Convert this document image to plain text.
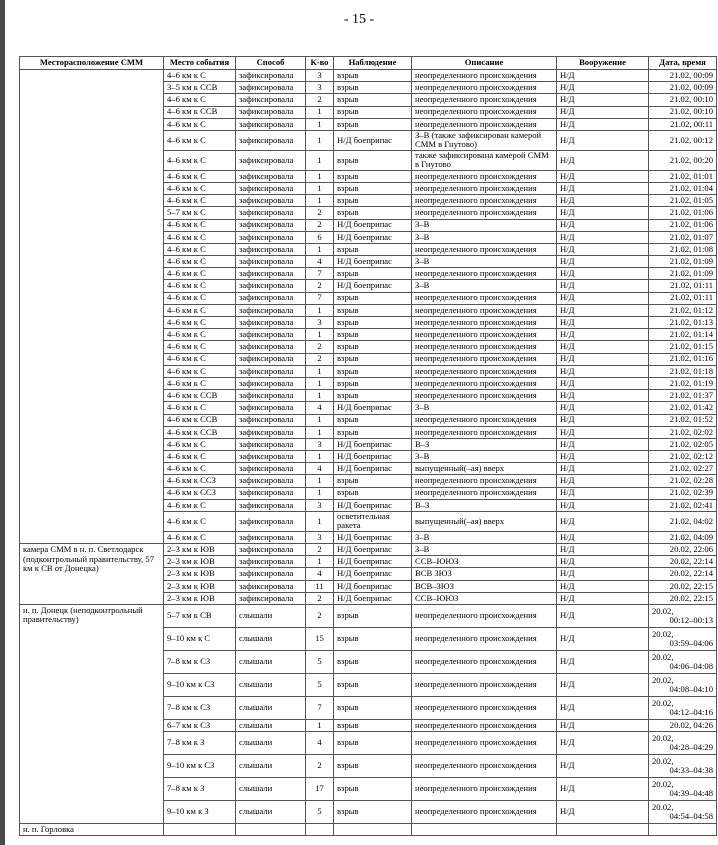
- 15 -
Месторасположение СММ	Место события	Способ	К-во	Наблюдение	Описание	Вооружение	Дата, время
	4–6 км к С	зафиксировала	3	взрыв	неопределенного происхождения	Н/Д	21.02, 00:09
	3–5 км к ССВ	зафиксировала	3	взрыв	неопределенного происхождения	Н/Д	21.02, 00:09
	4–6 км к С	зафиксировала	2	взрыв	неопределенного происхождения	Н/Д	21.02, 00:10
	4–6 км к ССВ	зафиксировала	1	взрыв	неопределенного происхождения	Н/Д	21.02, 00:10
	4–6 км к С	зафиксировала	1	взрыв	неопределенного происхождения	Н/Д	21.02, 00:11
	4–6 км к С	зафиксировала	1	Н/Д боеприпас	З–В (также зафиксирован камерой СММ в Гнутово)	Н/Д	21.02, 00:12
	4–6 км к С	зафиксировала	1	взрыв	также зафиксирована камерой СММ в Гнутово	Н/Д	21.02, 00:20
	4–6 км к С	зафиксировала	1	взрыв	неопределенного происхождения	Н/Д	21.02, 01:01
	4–6 км к С	зафиксировала	1	взрыв	неопределенного происхождения	Н/Д	21.02, 01:04
	4–6 км к С	зафиксировала	1	взрыв	неопределенного происхождения	Н/Д	21.02, 01:05
	5–7 км к С	зафиксировала	2	взрыв	неопределенного происхождения	Н/Д	21.02, 01:06
	4–6 км к С	зафиксировала	2	Н/Д боеприпас	З–В	Н/Д	21.02, 01:06
	4–6 км к С	зафиксировала	6	Н/Д боеприпас	З–В	Н/Д	21.02, 01:07
	4–6 км к С	зафиксировала	1	взрыв	неопределенного происхождения	Н/Д	21.02, 01:08
	4–6 км к С	зафиксировала	4	Н/Д боеприпас	З–В	Н/Д	21.02, 01:09
	4–6 км к С	зафиксировала	7	взрыв	неопределенного происхождения	Н/Д	21.02, 01:09
	4–6 км к С	зафиксировала	2	Н/Д боеприпас	З–В	Н/Д	21.02, 01:11
	4–6 км к С	зафиксировала	7	взрыв	неопределенного происхождения	Н/Д	21.02, 01:11
	4–6 км к С	зафиксировала	1	взрыв	неопределенного происхождения	Н/Д	21.02, 01:12
	4–6 км к С	зафиксировала	3	взрыв	неопределенного происхождения	Н/Д	21.02, 01:13
	4–6 км к С	зафиксировала	1	взрыв	неопределенного происхождения	Н/Д	21.02, 01:14
	4–6 км к С	зафиксировала	2	взрыв	неопределенного происхождения	Н/Д	21.02, 01:15
	4–6 км к С	зафиксировала	2	взрыв	неопределенного происхождения	Н/Д	21.02, 01:16
	4–6 км к С	зафиксировала	1	взрыв	неопределенного происхождения	Н/Д	21.02, 01:18
	4–6 км к С	зафиксировала	1	взрыв	неопределенного происхождения	Н/Д	21.02, 01:19
	4–6 км к ССВ	зафиксировала	1	взрыв	неопределенного происхождения	Н/Д	21.02, 01:37
	4–6 км к С	зафиксировала	4	Н/Д боеприпас	З–В	Н/Д	21.02, 01:42
	4–6 км к ССВ	зафиксировала	1	взрыв	неопределенного происхождения	Н/Д	21.02, 01:52
	4–6 км к ССВ	зафиксировала	1	взрыв	неопределенного происхождения	Н/Д	21.02, 02:02
	4–6 км к С	зафиксировала	3	Н/Д боеприпас	В–З	Н/Д	21.02, 02:05
	4–6 км к С	зафиксировала	1	Н/Д боеприпас	З–В	Н/Д	21.02, 02:12
	4–6 км к С	зафиксировала	4	Н/Д боеприпас	выпущенный(–ая) вверх	Н/Д	21.02, 02:27
	4–6 км к ССЗ	зафиксировала	1	взрыв	неопределенного происхождения	Н/Д	21.02, 02:28
	4–6 км к ССЗ	зафиксировала	1	взрыв	неопределенного происхождения	Н/Д	21.02, 02:39
	4–6 км к С	зафиксировала	3	Н/Д боеприпас	В–З	Н/Д	21.02, 02:41
	4–6 км к С	зафиксировала	1	осветительная ракета	выпущенный(–ая) вверх	Н/Д	21.02, 04:02
	4–6 км к С	зафиксировала	3	Н/Д боеприпас	З–В	Н/Д	21.02, 04:09
камера СММ в н. п. Светлодарск (подконтрольный правительству, 57 км к СВ от Донецка)	2–3 км к ЮВ	зафиксировала	2	Н/Д боеприпас	З–В	Н/Д	20.02, 22:06
	2–3 км к ЮВ	зафиксировала	1	Н/Д боеприпас	ССВ–ЮЮЗ	Н/Д	20.02, 22:14
	2–3 км к ЮВ	зафиксировала	4	Н/Д боеприпас	ВСВ ЗЮЗ	Н/Д	20.02, 22:14
	2–3 км к ЮВ	зафиксировала	11	Н/Д боеприпас	ВСВ–ЗЮЗ	Н/Д	20.02, 22:15
	2–3 км к ЮВ	зафиксировала	2	Н/Д боеприпас	ССВ–ЮЮЗ	Н/Д	20.02, 22:15
н. п. Донецк (неподконтрольный правительству)	5–7 км к СВ	слышали	2	взрыв	неопределенного происхождения	Н/Д	20.02,
00:12–00:13
	9–10 км к С	слышали	15	взрыв	неопределенного происхождения	Н/Д	20.02,
03:59–04:06
	7–8 км к СЗ	слышали	5	взрыв	неопределенного происхождения	Н/Д	20.02,
04:06–04:08
	9–10 км к СЗ	слышали	5	взрыв	неопределенного происхождения	Н/Д	20.02,
04:08–04:10
	7–8 км к СЗ	слышали	7	взрыв	неопределенного происхождения	Н/Д	20.02,
04:12–04:16
	6–7 км к СЗ	слышали	1	взрыв	неопределенного происхождения	Н/Д	20.02, 04:26
	7–8 км к З	слышали	4	взрыв	неопределенного происхождения	Н/Д	20.02,
04:28–04:29
	9–10 км к СЗ	слышали	2	взрыв	неопределенного происхождения	Н/Д	20.02,
04:33–04:38
	7–8 км к З	слышали	17	взрыв	неопределенного происхождения	Н/Д	20.02,
04:39–04:48
	9–10 км к З	слышали	5	взрыв	неопределенного происхождения	Н/Д	20.02,
04:54–04:58
н. п. Горловка							
